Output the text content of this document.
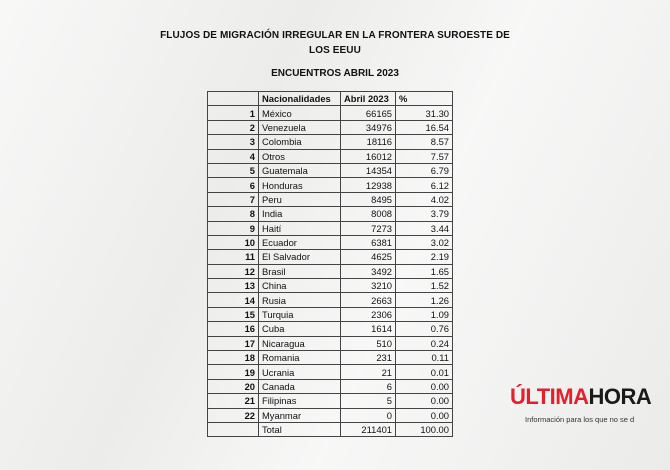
FLUJOS DE MIGRACIÓN IRREGULAR EN LA FRONTERA SUROESTE DE
LOS EEUU
ENCUENTROS ABRIL 2023
	Nacionalidades	Abril 2023	%
1	México	66165	31.30
2	Venezuela	34976	16.54
3	Colombia	18116	8.57
4	Otros	16012	7.57
5	Guatemala	14354	6.79
6	Honduras	12938	6.12
7	Peru	8495	4.02
8	India	8008	3.79
9	Haití	7273	3.44
10	Ecuador	6381	3.02
11	El Salvador	4625	2.19
12	Brasil	3492	1.65
13	China	3210	1.52
14	Rusia	2663	1.26
15	Turquia	2306	1.09
16	Cuba	1614	0.76
17	Nicaragua	510	0.24
18	Romania	231	0.11
19	Ucrania	21	0.01
20	Canada	6	0.00
21	Filipinas	5	0.00
22	Myanmar	0	0.00
	Total	211401	100.00
ÚLTIMAHORA
Información para los que no se d
